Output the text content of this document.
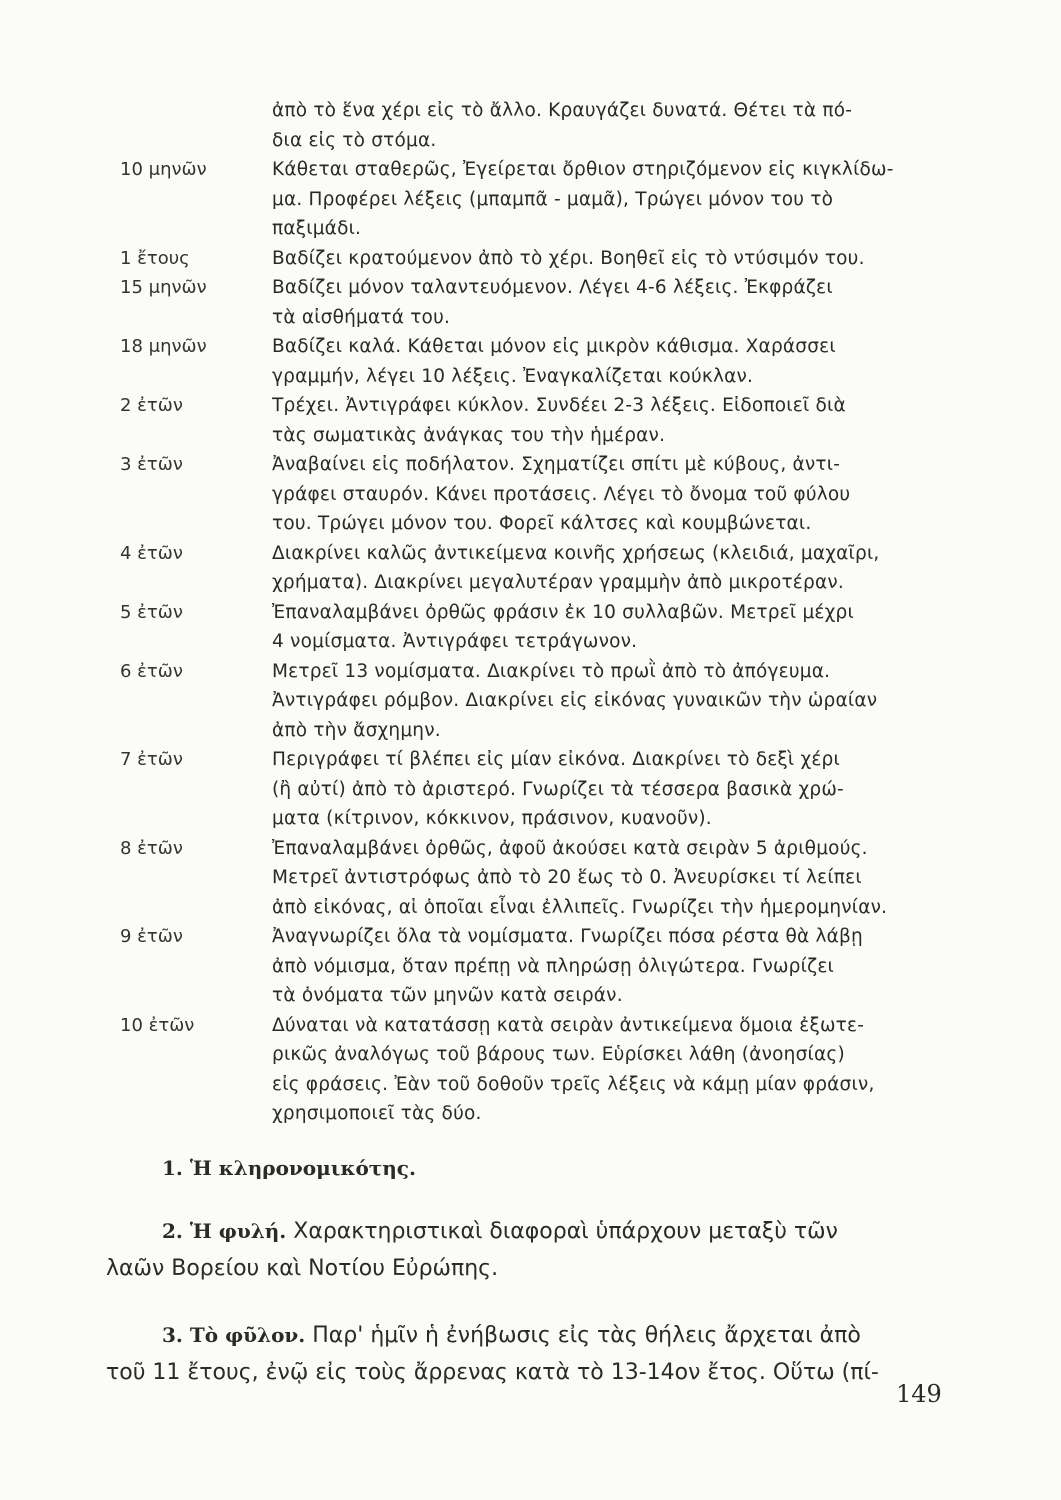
ἀπὸ τὸ ἕνα χέρι εἰς τὸ ἄλλο. Κραυγάζει δυνατά. Θέτει τὰ πό-
δια εἰς τὸ στόμα.
10 μηνῶν	Κάθεται σταθερῶς, Ἐγείρεται ὄρθιον στηριζόμενον εἰς κιγκλίδω-
μα. Προφέρει λέξεις (μπαμπᾶ - μαμᾶ), Τρώγει μόνον του τὸ
παξιμάδι.
1 ἔτους	Βαδίζει κρατούμενον ἀπὸ τὸ χέρι. Βοηθεῖ εἰς τὸ ντύσιμόν του.
15 μηνῶν	Βαδίζει μόνον ταλαντευόμενον. Λέγει 4-6 λέξεις. Ἐκφράζει
τὰ αἰσθήματά του.
18 μηνῶν	Βαδίζει καλά. Κάθεται μόνον εἰς μικρὸν κάθισμα. Χαράσσει
γραμμήν, λέγει 10 λέξεις. Ἐναγκαλίζεται κούκλαν.
2 ἐτῶν	Τρέχει. Ἀντιγράφει κύκλον. Συνδέει 2-3 λέξεις. Εἰδοποιεῖ διὰ
τὰς σωματικὰς ἀνάγκας του τὴν ἡμέραν.
3 ἐτῶν	Ἀναβαίνει εἰς ποδήλατον. Σχηματίζει σπίτι μὲ κύβους, ἀντι-
γράφει σταυρόν. Κάνει προτάσεις. Λέγει τὸ ὄνομα τοῦ φύλου
του. Τρώγει μόνον του. Φορεῖ κάλτσες καὶ κουμβώνεται.
4 ἐτῶν	Διακρίνει καλῶς ἀντικείμενα κοινῆς χρήσεως (κλειδιά, μαχαῖρι,
χρήματα). Διακρίνει μεγαλυτέραν γραμμὴν ἀπὸ μικροτέραν.
5 ἐτῶν	Ἐπαναλαμβάνει ὀρθῶς φράσιν ἐκ 10 συλλαβῶν. Μετρεῖ μέχρι
4 νομίσματα. Ἀντιγράφει τετράγωνον.
6 ἐτῶν	Μετρεῖ 13 νομίσματα. Διακρίνει τὸ πρωῒ ἀπὸ τὸ ἀπόγευμα.
Ἀντιγράφει ρόμβον. Διακρίνει εἰς εἰκόνας γυναικῶν τὴν ὡραίαν
ἀπὸ τὴν ἄσχημην.
7 ἐτῶν	Περιγράφει τί βλέπει εἰς μίαν εἰκόνα. Διακρίνει τὸ δεξὶ χέρι
(ἢ αὐτί) ἀπὸ τὸ ἀριστερό. Γνωρίζει τὰ τέσσερα βασικὰ χρώ-
ματα (κίτρινον, κόκκινον, πράσινον, κυανοῦν).
8 ἐτῶν	Ἐπαναλαμβάνει ὀρθῶς, ἀφοῦ ἀκούσει κατὰ σειρὰν 5 ἀριθμούς.
Μετρεῖ ἀντιστρόφως ἀπὸ τὸ 20 ἕως τὸ 0. Ἀνευρίσκει τί λείπει
ἀπὸ εἰκόνας, αἱ ὁποῖαι εἶναι ἐλλιπεῖς. Γνωρίζει τὴν ἡμερομηνίαν.
9 ἐτῶν	Ἀναγνωρίζει ὅλα τὰ νομίσματα. Γνωρίζει πόσα ρέστα θὰ λάβῃ
ἀπὸ νόμισμα, ὅταν πρέπῃ νὰ πληρώσῃ ὀλιγώτερα. Γνωρίζει
τὰ ὀνόματα τῶν μηνῶν κατὰ σειράν.
10 ἐτῶν	Δύναται νὰ κατατάσσῃ κατὰ σειρὰν ἀντικείμενα ὅμοια ἐξωτε-
ρικῶς ἀναλόγως τοῦ βάρους των. Εὑρίσκει λάθη (ἀνοησίας)
εἰς φράσεις. Ἐὰν τοῦ δοθοῦν τρεῖς λέξεις νὰ κάμῃ μίαν φράσιν,
χρησιμοποιεῖ τὰς δύο.

1. Ἡ κληρονομικότης.

2. Ἡ φυλή. Χαρακτηριστικαὶ διαφοραὶ ὑπάρχουν μεταξὺ τῶν
λαῶν Βορείου καὶ Νοτίου Εὐρώπης.

3. Τὸ φῦλον. Παρ' ἡμῖν ἡ ἐνήβωσις εἰς τὰς θήλεις ἄρχεται ἀπὸ
τοῦ 11 ἔτους, ἐνῷ εἰς τοὺς ἄρρενας κατὰ τὸ 13-14ον ἔτος. Οὕτω (πί-

149
